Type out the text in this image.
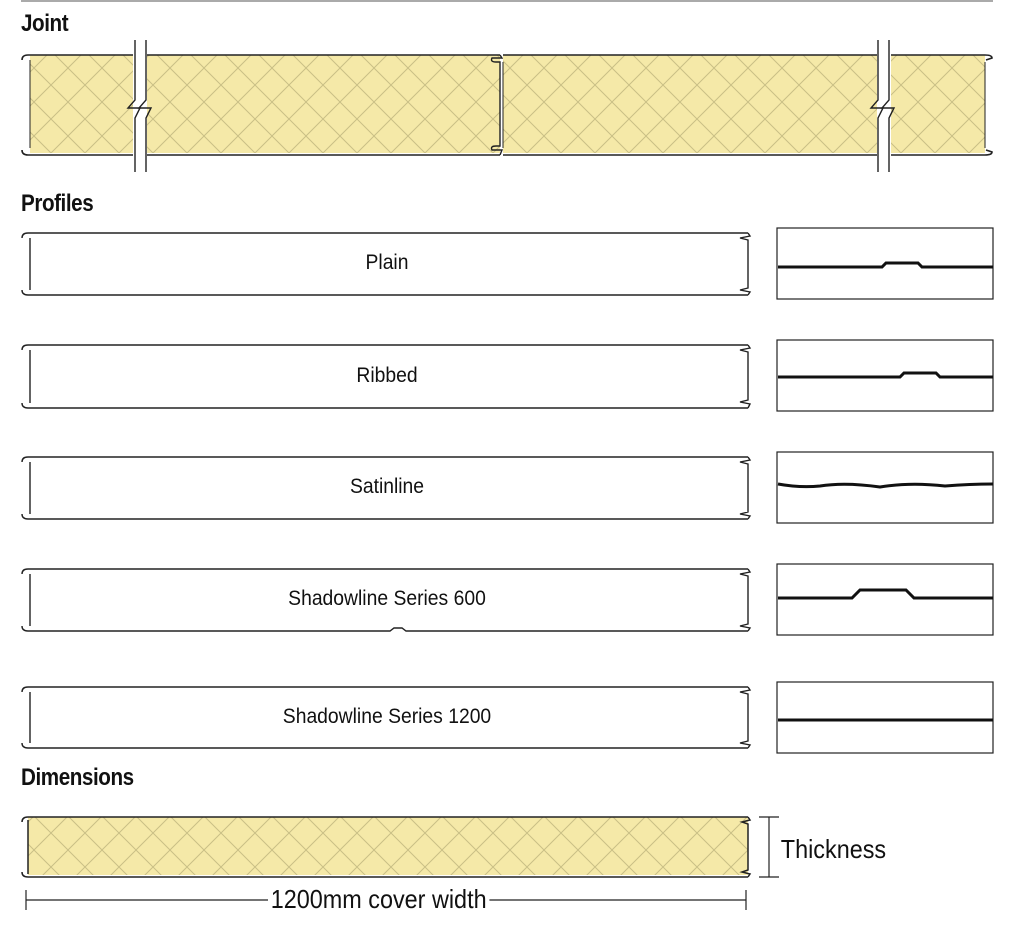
Joint
Profiles
Dimensions
Plain
Ribbed
Satinline
Shadowline Series 600
Shadowline Series 1200
Thickness
1200mm cover width
